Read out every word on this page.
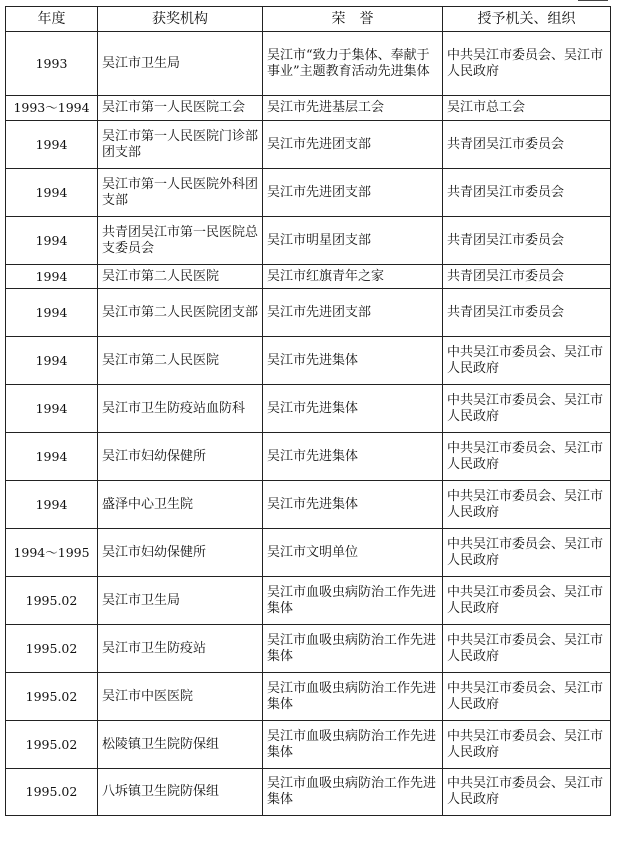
年度	获奖机构	荣　誉	授予机关、组织
1993	吴江市卫生局	吴江市“致力于集体、奉献于事业”主题教育活动先进集体	中共吴江市委员会、吴江市人民政府
1993～1994	吴江市第一人民医院工会	吴江市先进基层工会	吴江市总工会
1994	吴江市第一人民医院门诊部团支部	吴江市先进团支部	共青团吴江市委员会
1994	吴江市第一人民医院外科团支部	吴江市先进团支部	共青团吴江市委员会
1994	共青团吴江市第一民医院总支委员会	吴江市明星团支部	共青团吴江市委员会
1994	吴江市第二人民医院	吴江市红旗青年之家	共青团吴江市委员会
1994	吴江市第二人民医院团支部	吴江市先进团支部	共青团吴江市委员会
1994	吴江市第二人民医院	吴江市先进集体	中共吴江市委员会、吴江市人民政府
1994	吴江市卫生防疫站血防科	吴江市先进集体	中共吴江市委员会、吴江市人民政府
1994	吴江市妇幼保健所	吴江市先进集体	中共吴江市委员会、吴江市人民政府
1994	盛泽中心卫生院	吴江市先进集体	中共吴江市委员会、吴江市人民政府
1994～1995	吴江市妇幼保健所	吴江市文明单位	中共吴江市委员会、吴江市人民政府
1995.02	吴江市卫生局	吴江市血吸虫病防治工作先进集体	中共吴江市委员会、吴江市人民政府
1995.02	吴江市卫生防疫站	吴江市血吸虫病防治工作先进集体	中共吴江市委员会、吴江市人民政府
1995.02	吴江市中医医院	吴江市血吸虫病防治工作先进集体	中共吴江市委员会、吴江市人民政府
1995.02	松陵镇卫生院防保组	吴江市血吸虫病防治工作先进集体	中共吴江市委员会、吴江市人民政府
1995.02	八坼镇卫生院防保组	吴江市血吸虫病防治工作先进集体	中共吴江市委员会、吴江市人民政府
